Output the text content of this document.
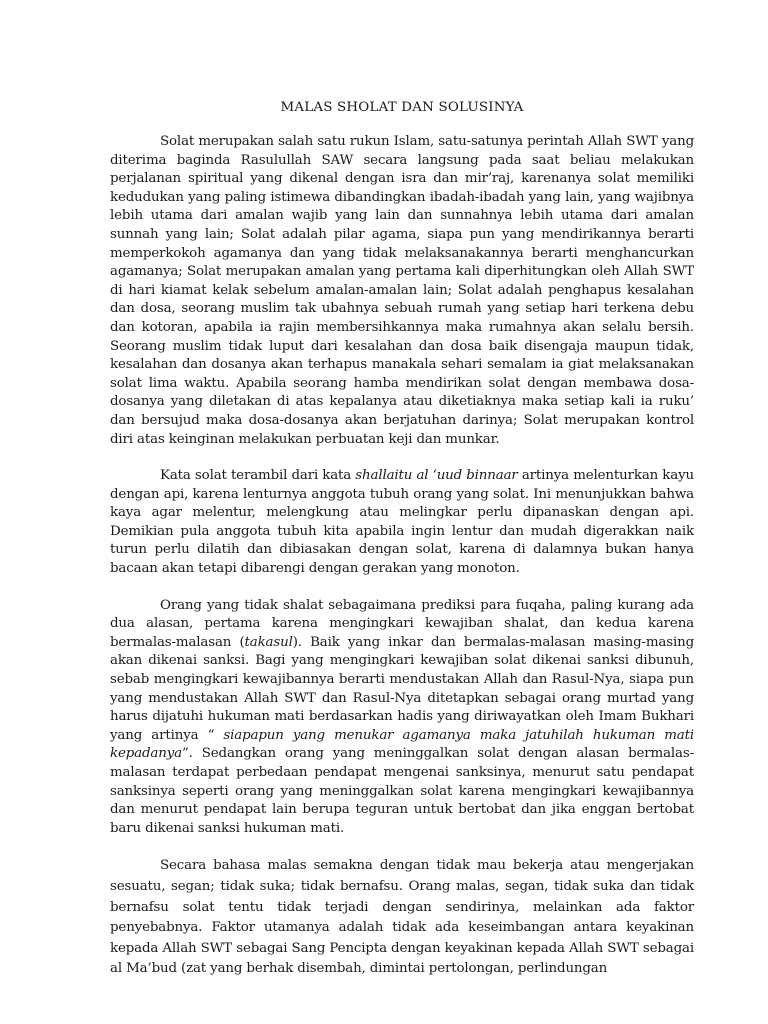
MALAS SHOLAT DAN SOLUSINYA

Solat merupakan salah satu rukun Islam, satu-satunya perintah Allah SWT yang diterima baginda Rasulullah SAW secara langsung pada saat beliau melakukan perjalanan spiritual yang dikenal dengan isra dan mir’raj, karenanya solat memiliki kedudukan yang paling istimewa dibandingkan ibadah-ibadah yang lain, yang wajibnya lebih utama dari amalan wajib yang lain dan sunnahnya lebih utama dari amalan sunnah yang lain; Solat adalah pilar agama, siapa pun yang mendirikannya berarti memperkokoh agamanya dan yang tidak melaksanakannya berarti menghancurkan agamanya; Solat merupakan amalan yang pertama kali diperhitungkan oleh Allah SWT di hari kiamat kelak sebelum amalan-amalan lain; Solat adalah penghapus kesalahan dan dosa, seorang muslim tak ubahnya sebuah rumah yang setiap hari terkena debu dan kotoran, apabila ia rajin membersihkannya maka rumahnya akan selalu bersih. Seorang muslim tidak luput dari kesalahan dan dosa baik disengaja maupun tidak, kesalahan dan dosanya akan terhapus manakala sehari semalam ia giat melaksanakan solat lima waktu. Apabila seorang hamba mendirikan solat dengan membawa dosa-dosanya yang diletakan di atas kepalanya atau diketiaknya maka setiap kali ia ruku’ dan bersujud maka dosa-dosanya akan berjatuhan darinya; Solat merupakan kontrol diri atas keinginan melakukan perbuatan keji dan munkar.

Kata solat terambil dari kata shallaitu al ‘uud binnaar artinya melenturkan kayu dengan api, karena lenturnya anggota tubuh orang yang solat. Ini menunjukkan bahwa kaya agar melentur, melengkung atau melingkar perlu dipanaskan dengan api. Demikian pula anggota tubuh kita apabila ingin lentur dan mudah digerakkan naik turun perlu dilatih dan dibiasakan dengan solat, karena di dalamnya bukan hanya bacaan akan tetapi dibarengi dengan gerakan yang monoton.

Orang yang tidak shalat sebagaimana prediksi para fuqaha, paling kurang ada dua alasan, pertama karena mengingkari kewajiban shalat, dan kedua karena bermalas-malasan (takasul). Baik yang inkar dan bermalas-malasan masing-masing akan dikenai sanksi. Bagi yang mengingkari kewajiban solat dikenai sanksi dibunuh, sebab mengingkari kewajibannya berarti mendustakan Allah dan Rasul-Nya, siapa pun yang mendustakan Allah SWT dan Rasul-Nya ditetapkan sebagai orang murtad yang harus dijatuhi hukuman mati berdasarkan hadis yang diriwayatkan oleh Imam Bukhari yang artinya “ siapapun yang menukar agamanya maka jatuhilah hukuman mati kepadanya”. Sedangkan orang yang meninggalkan solat dengan alasan bermalas-malasan terdapat perbedaan pendapat mengenai sanksinya, menurut satu pendapat sanksinya seperti orang yang meninggalkan solat karena mengingkari kewajibannya dan menurut pendapat lain berupa teguran untuk bertobat dan jika enggan bertobat baru dikenai sanksi hukuman mati.

Secara bahasa malas semakna dengan tidak mau bekerja atau mengerjakan sesuatu, segan; tidak suka; tidak bernafsu. Orang malas, segan, tidak suka dan tidak bernafsu solat tentu tidak terjadi dengan sendirinya, melainkan ada faktor penyebabnya. Faktor utamanya adalah tidak ada keseimbangan antara keyakinan kepada Allah SWT sebagai Sang Pencipta dengan keyakinan kepada Allah SWT sebagai al Ma’bud (zat yang berhak disembah, dimintai pertolongan, perlindungan
